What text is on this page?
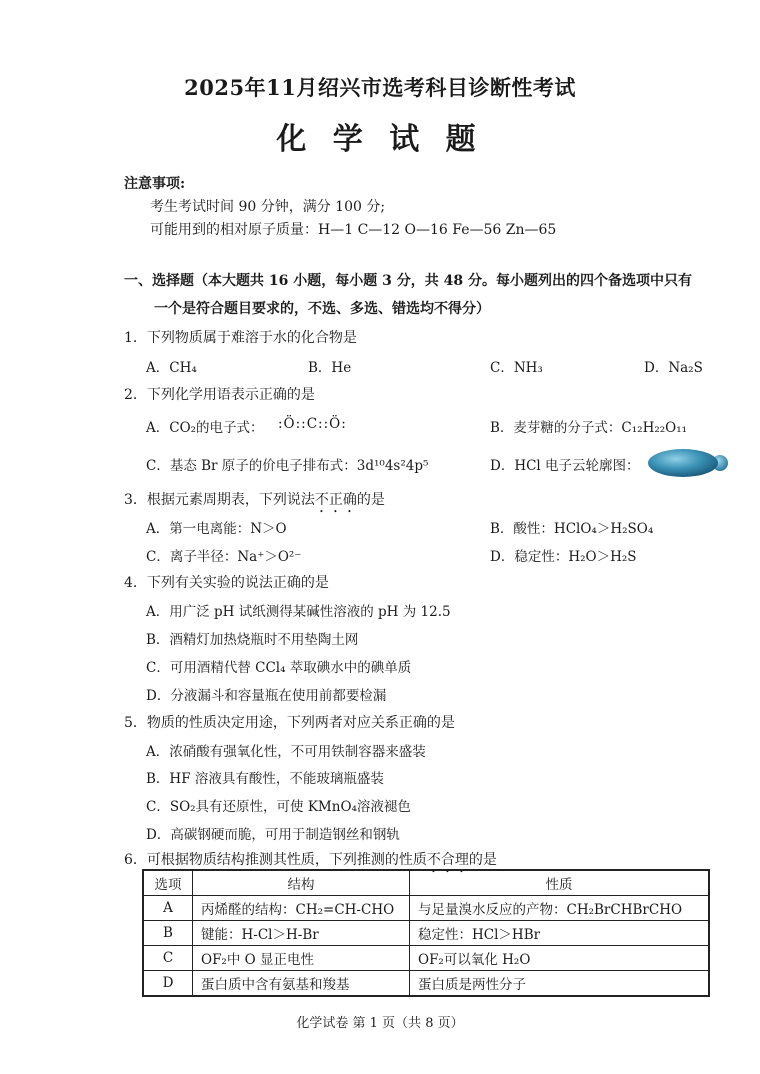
2025年11月绍兴市选考科目诊断性考试
化 学 试 题
注意事项:
考生考试时间 90 分钟，满分 100 分;
可能用到的相对原子质量：H—1 C—12 O—16 Fe—56 Zn—65
一、选择题（本大题共 16 小题，每小题 3 分，共 48 分。每小题列出的四个备选项中只有
一个是符合题目要求的，不选、多选、错选均不得分）
1．下列物质属于难溶于水的化合物是
A．CH₄	B．He	C．NH₃	D．Na₂S
2．下列化学用语表示正确的是
A．CO₂的电子式： :Ö::C::Ö:	B．麦芽糖的分子式：C₁₂H₂₂O₁₁
C．基态 Br 原子的价电子排布式：3d¹⁰4s²4p⁵	D．HCl 电子云轮廓图：
3．根据元素周期表，下列说法不正确的是
A．第一电离能：N＞O	B．酸性：HClO₄＞H₂SO₄
C．离子半径：Na⁺＞O²⁻	D．稳定性：H₂O＞H₂S
4．下列有关实验的说法正确的是
A．用广泛 pH 试纸测得某碱性溶液的 pH 为 12.5
B．酒精灯加热烧瓶时不用垫陶土网
C．可用酒精代替 CCl₄ 萃取碘水中的碘单质
D．分液漏斗和容量瓶在使用前都要检漏
5．物质的性质决定用途，下列两者对应关系正确的是
A．浓硝酸有强氧化性，不可用铁制容器来盛装
B．HF 溶液具有酸性，不能玻璃瓶盛装
C．SO₂具有还原性，可使 KMnO₄溶液褪色
D．高碳钢硬而脆，可用于制造钢丝和钢轨
6．可根据物质结构推测其性质，下列推测的性质不合理的是
选项	结构	性质
A	丙烯醛的结构：CH₂=CH-CHO	与足量溴水反应的产物：CH₂BrCHBrCHO
B	键能：H-Cl＞H-Br	稳定性：HCl＞HBr
C	OF₂中 O 显正电性	OF₂可以氧化 H₂O
D	蛋白质中含有氨基和羧基	蛋白质是两性分子
化学试卷 第 1 页（共 8 页）
